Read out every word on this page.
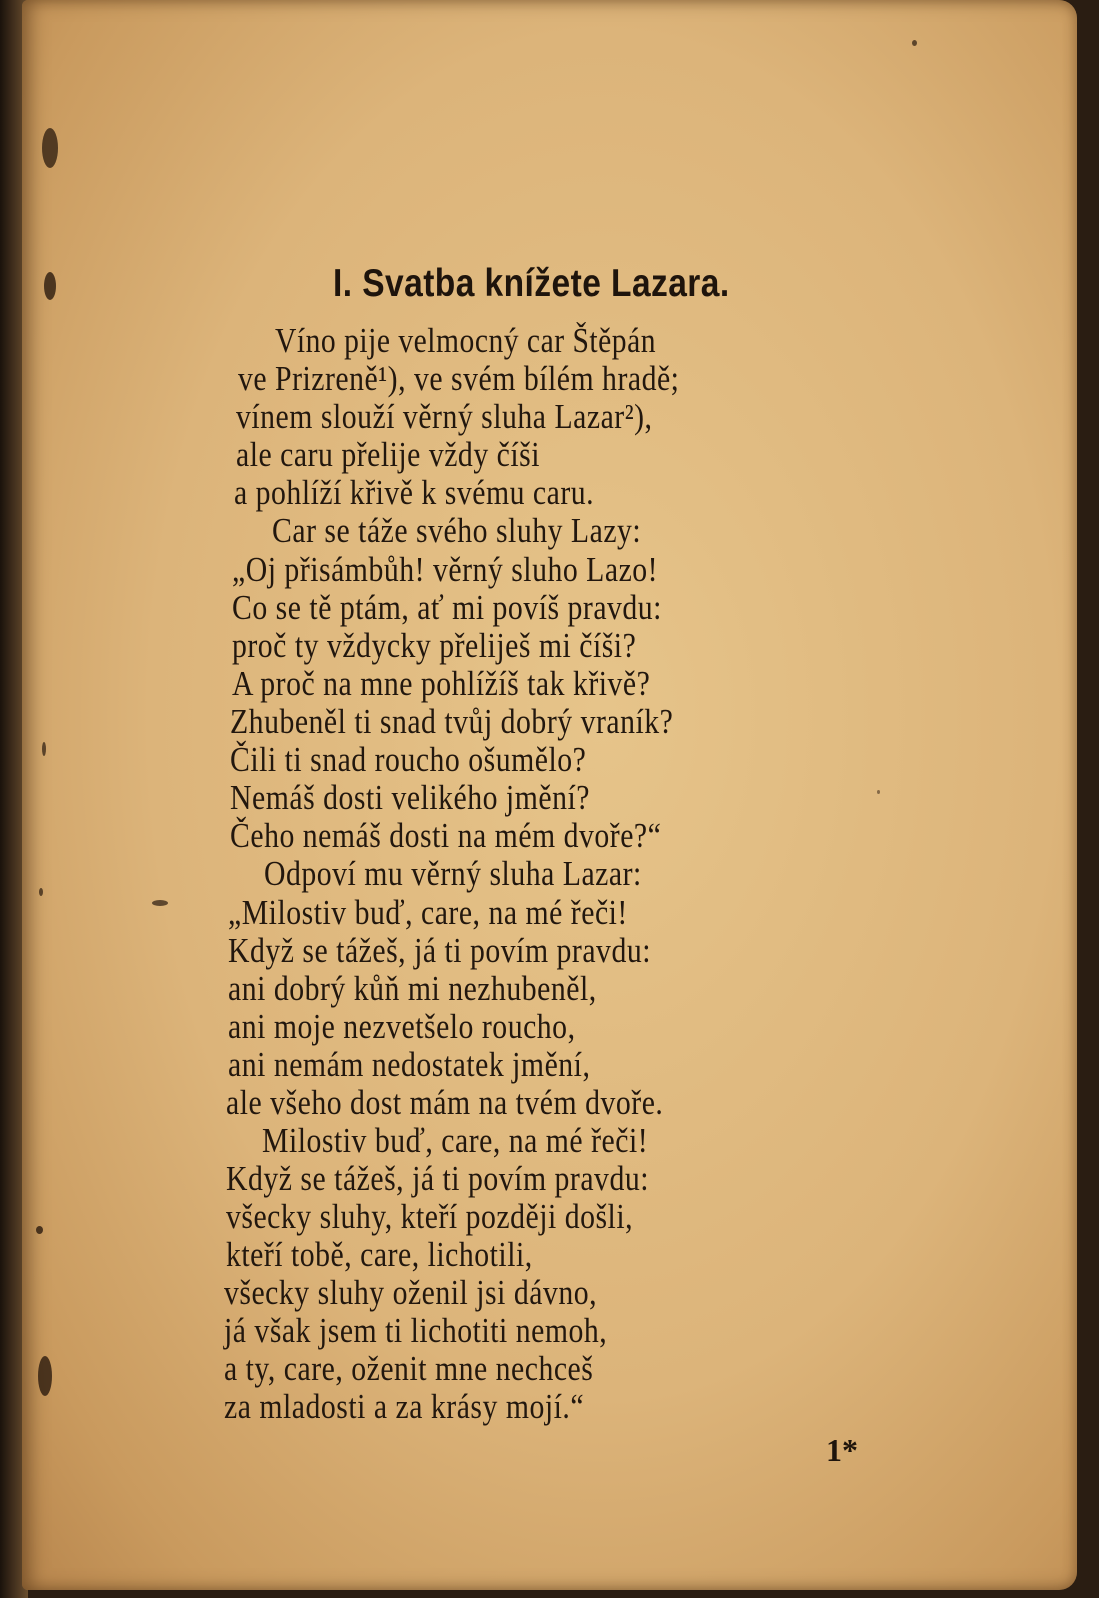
I. Svatba knížete Lazara.
Víno pije velmocný car Štěpán
ve Prizreně¹), ve svém bílém hradě;
vínem slouží věrný sluha Lazar²),
ale caru přelije vždy číši
a pohlíží křivě k svému caru.
Car se táže svého sluhy Lazy:
„Oj přisámbůh! věrný sluho Lazo!
Co se tě ptám, ať mi povíš pravdu:
proč ty vždycky přeliješ mi číši?
A proč na mne pohlížíš tak křivě?
Zhubeněl ti snad tvůj dobrý vraník?
Čili ti snad roucho ošumělo?
Nemáš dosti velikého jmění?
Čeho nemáš dosti na mém dvoře?“
Odpoví mu věrný sluha Lazar:
„Milostiv buď, care, na mé řeči!
Když se tážeš, já ti povím pravdu:
ani dobrý kůň mi nezhubeněl,
ani moje nezvetšelo roucho,
ani nemám nedostatek jmění,
ale všeho dost mám na tvém dvoře.
Milostiv buď, care, na mé řeči!
Když se tážeš, já ti povím pravdu:
všecky sluhy, kteří později došli,
kteří tobě, care, lichotili,
všecky sluhy oženil jsi dávno,
já však jsem ti lichotiti nemoh,
a ty, care, oženit mne nechceš
za mladosti a za krásy mojí.“
1*
